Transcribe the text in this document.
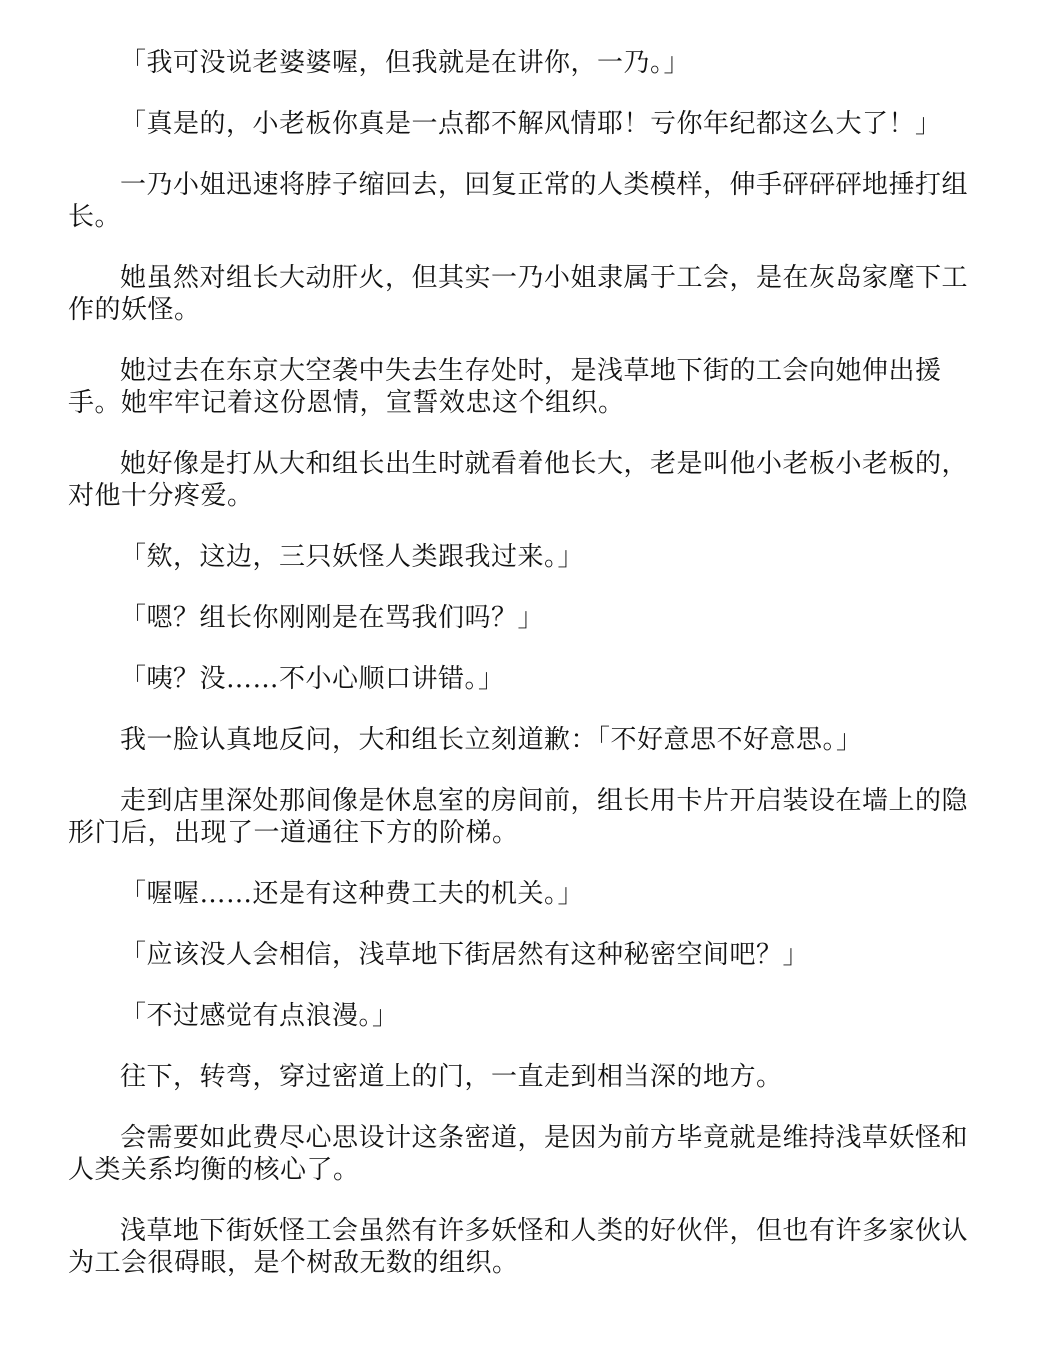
「我可没说老婆婆喔，但我就是在讲你，一乃。」

「真是的，小老板你真是一点都不解风情耶！亏你年纪都这么大了！」

一乃小姐迅速将脖子缩回去，回复正常的人类模样，伸手砰砰砰地捶打组长。

她虽然对组长大动肝火，但其实一乃小姐隶属于工会，是在灰岛家麾下工作的妖怪。

她过去在东京大空袭中失去生存处时，是浅草地下街的工会向她伸出援手。她牢牢记着这份恩情，宣誓效忠这个组织。

她好像是打从大和组长出生时就看着他长大，老是叫他小老板小老板的，对他十分疼爱。

「欸，这边，三只妖怪人类跟我过来。」

「嗯？组长你刚刚是在骂我们吗？」

「咦？没……不小心顺口讲错。」

我一脸认真地反问，大和组长立刻道歉：「不好意思不好意思。」

走到店里深处那间像是休息室的房间前，组长用卡片开启装设在墙上的隐形门后，出现了一道通往下方的阶梯。

「喔喔……还是有这种费工夫的机关。」

「应该没人会相信，浅草地下街居然有这种秘密空间吧？」

「不过感觉有点浪漫。」

往下，转弯，穿过密道上的门，一直走到相当深的地方。

会需要如此费尽心思设计这条密道，是因为前方毕竟就是维持浅草妖怪和人类关系均衡的核心了。

浅草地下街妖怪工会虽然有许多妖怪和人类的好伙伴，但也有许多家伙认为工会很碍眼，是个树敌无数的组织。
